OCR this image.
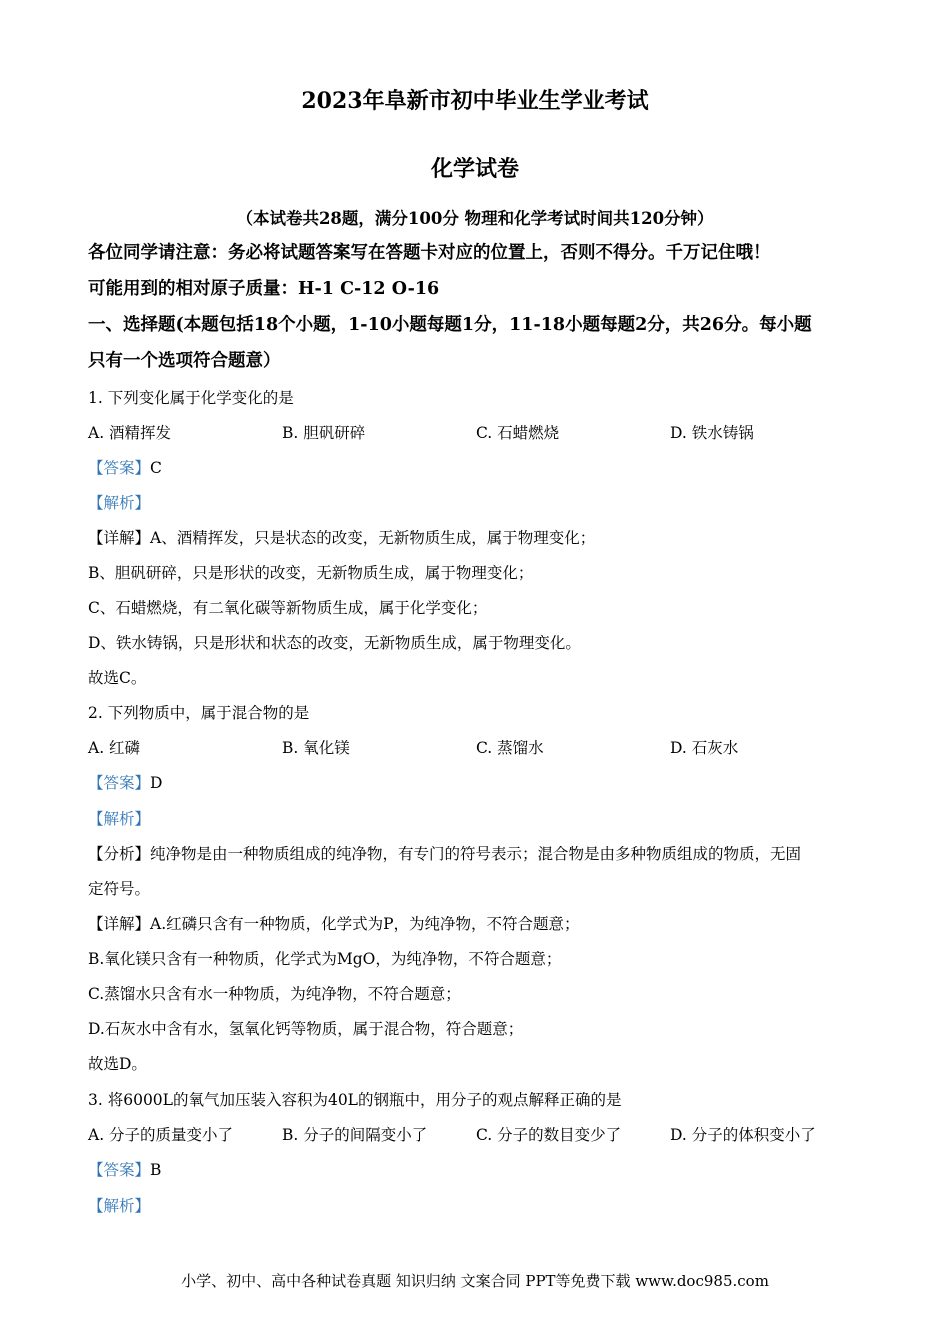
2023年阜新市初中毕业生学业考试
化学试卷
（本试卷共28题，满分100分 物理和化学考试时间共120分钟）
各位同学请注意：务必将试题答案写在答题卡对应的位置上，否则不得分。千万记住哦！
可能用到的相对原子质量：H-1 C-12 O-16
一、选择题(本题包括18个小题，1-10小题每题1分，11-18小题每题2分，共26分。每小题
只有一个选项符合题意）
1. 下列变化属于化学变化的是
A. 酒精挥发	B. 胆矾研碎	C. 石蜡燃烧	D. 铁水铸锅
【答案】C
【解析】
【详解】A、酒精挥发，只是状态的改变，无新物质生成，属于物理变化；
B、胆矾研碎，只是形状的改变，无新物质生成，属于物理变化；
C、石蜡燃烧，有二氧化碳等新物质生成，属于化学变化；
D、铁水铸锅，只是形状和状态的改变，无新物质生成，属于物理变化。
故选C。
2. 下列物质中，属于混合物的是
A. 红磷	B. 氧化镁	C. 蒸馏水	D. 石灰水
【答案】D
【解析】
【分析】纯净物是由一种物质组成的纯净物，有专门的符号表示；混合物是由多种物质组成的物质，无固
定符号。
【详解】A.红磷只含有一种物质，化学式为P，为纯净物，不符合题意；
B.氧化镁只含有一种物质，化学式为MgO，为纯净物，不符合题意；
C.蒸馏水只含有水一种物质，为纯净物，不符合题意；
D.石灰水中含有水，氢氧化钙等物质，属于混合物，符合题意；
故选D。
3. 将6000L的氧气加压装入容积为40L的钢瓶中，用分子的观点解释正确的是
A. 分子的质量变小了	B. 分子的间隔变小了	C. 分子的数目变少了	D. 分子的体积变小了
【答案】B
【解析】
小学、初中、高中各种试卷真题 知识归纳 文案合同 PPT等免费下载 www.doc985.com
